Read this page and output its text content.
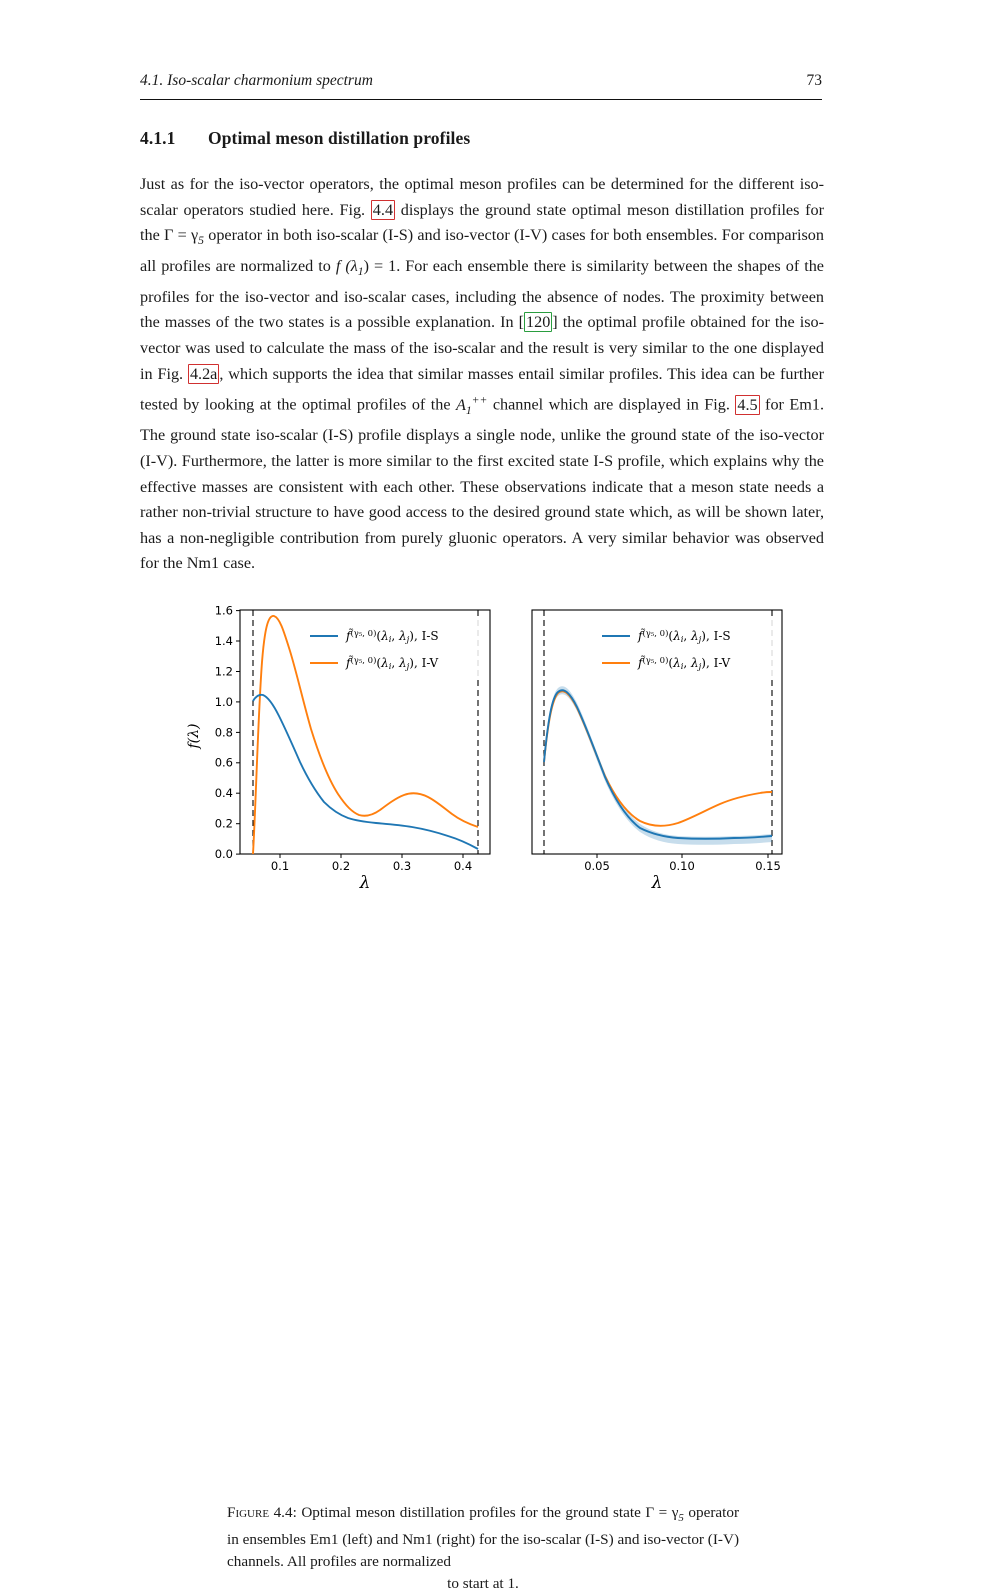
4.1. Iso-scalar charmonium spectrum	73
4.1.1 Optimal meson distillation profiles

Just as for the iso-vector operators, the optimal meson profiles can be determined for the different iso-scalar operators studied here. Fig. 4.4 displays the ground state optimal meson distillation profiles for the $\Gamma = \gamma_5$ operator in both iso-scalar (I-S) and iso-vector (I-V) cases for both ensembles. For comparison all profiles are normalized to f $(\lambda_1) = 1$. For each ensemble there is similarity between the shapes of the profiles for the iso-vector and iso-scalar cases, including the absence of nodes. The proximity between the masses of the two states is a possible explanation. In [ 120 ] the optimal profile obtained for the iso-vector was used to calculate the mass of the iso-scalar and the result is very similar to the one displayed in Fig. 4.2a , which supports the idea that similar masses entail similar profiles. This idea can be further tested by looking at the optimal profiles of the $A_1^{++}$ channel which are displayed in Fig. 4.5 for Em1. The ground state iso-scalar (I-S) profile displays a single node, unlike the ground state of the iso-vector (I-V). Furthermore, the latter is more similar to the first excited state I-S profile, which explains why the effective masses are consistent with each other. These observations indicate that a meson state needs a rather non-trivial structure to have good access to the desired ground state which, as will be shown later, has a non-negligible contribution from purely gluonic operators. A very similar behavior was observed for the Nm1 case.

1.6
1.4
1.2
1.0
0.8
0.6
0.4
0.2
0.0
0.1	0.2	0.3	0.4
f(λ)
λ
f̃$^{(\gamma_5, 0)}$(λi, λj), I-S
f̃$^{(\gamma_5, 0)}$(λi, λj), I-V
0.05	0.10	0.15
λ
f̃$^{(\gamma_5, 0)}$(λi, λj), I-S
f̃$^{(\gamma_5, 0)}$(λi, λj), I-V
Figure 4.4: Optimal meson distillation profiles for the ground state $\Gamma = \gamma_5$ operator in ensembles Em1 (left) and Nm1 (right) for the iso-scalar (I-S) and iso-vector (I-V) channels. All profiles are normalized
to start at 1.
